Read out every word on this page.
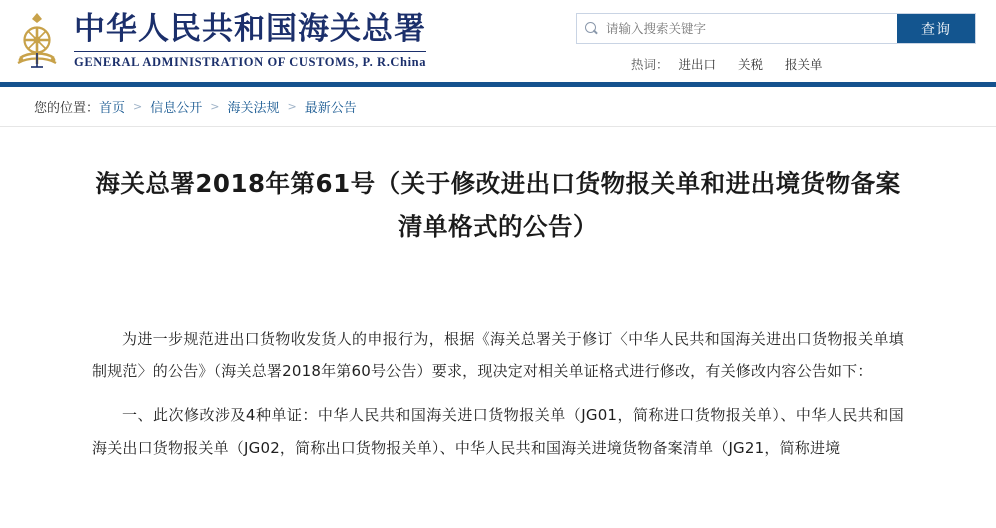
中华人民共和国海关总署
GENERAL ADMINISTRATION OF CUSTOMS, P. R.China
请输入搜索关键字
查询
热词： 进出口 关税 报关单
您的位置： 首页 > 信息公开 > 海关法规 > 最新公告
海关总署2018年第61号（关于修改进出口货物报关单和进出境货物备案清单格式的公告）

为进一步规范进出口货物收发货人的申报行为，根据《海关总署关于修订〈中华人民共和国海关进出口货物报关单填制规范〉的公告》（海关总署2018年第60号公告）要求，现决定对相关单证格式进行修改，有关修改内容公告如下：

一、此次修改涉及4种单证：中华人民共和国海关进口货物报关单（JG01，简称进口货物报关单）、中华人民共和国海关出口货物报关单（JG02，简称出口货物报关单）、中华人民共和国海关进境货物备案清单（JG21，简称进境
